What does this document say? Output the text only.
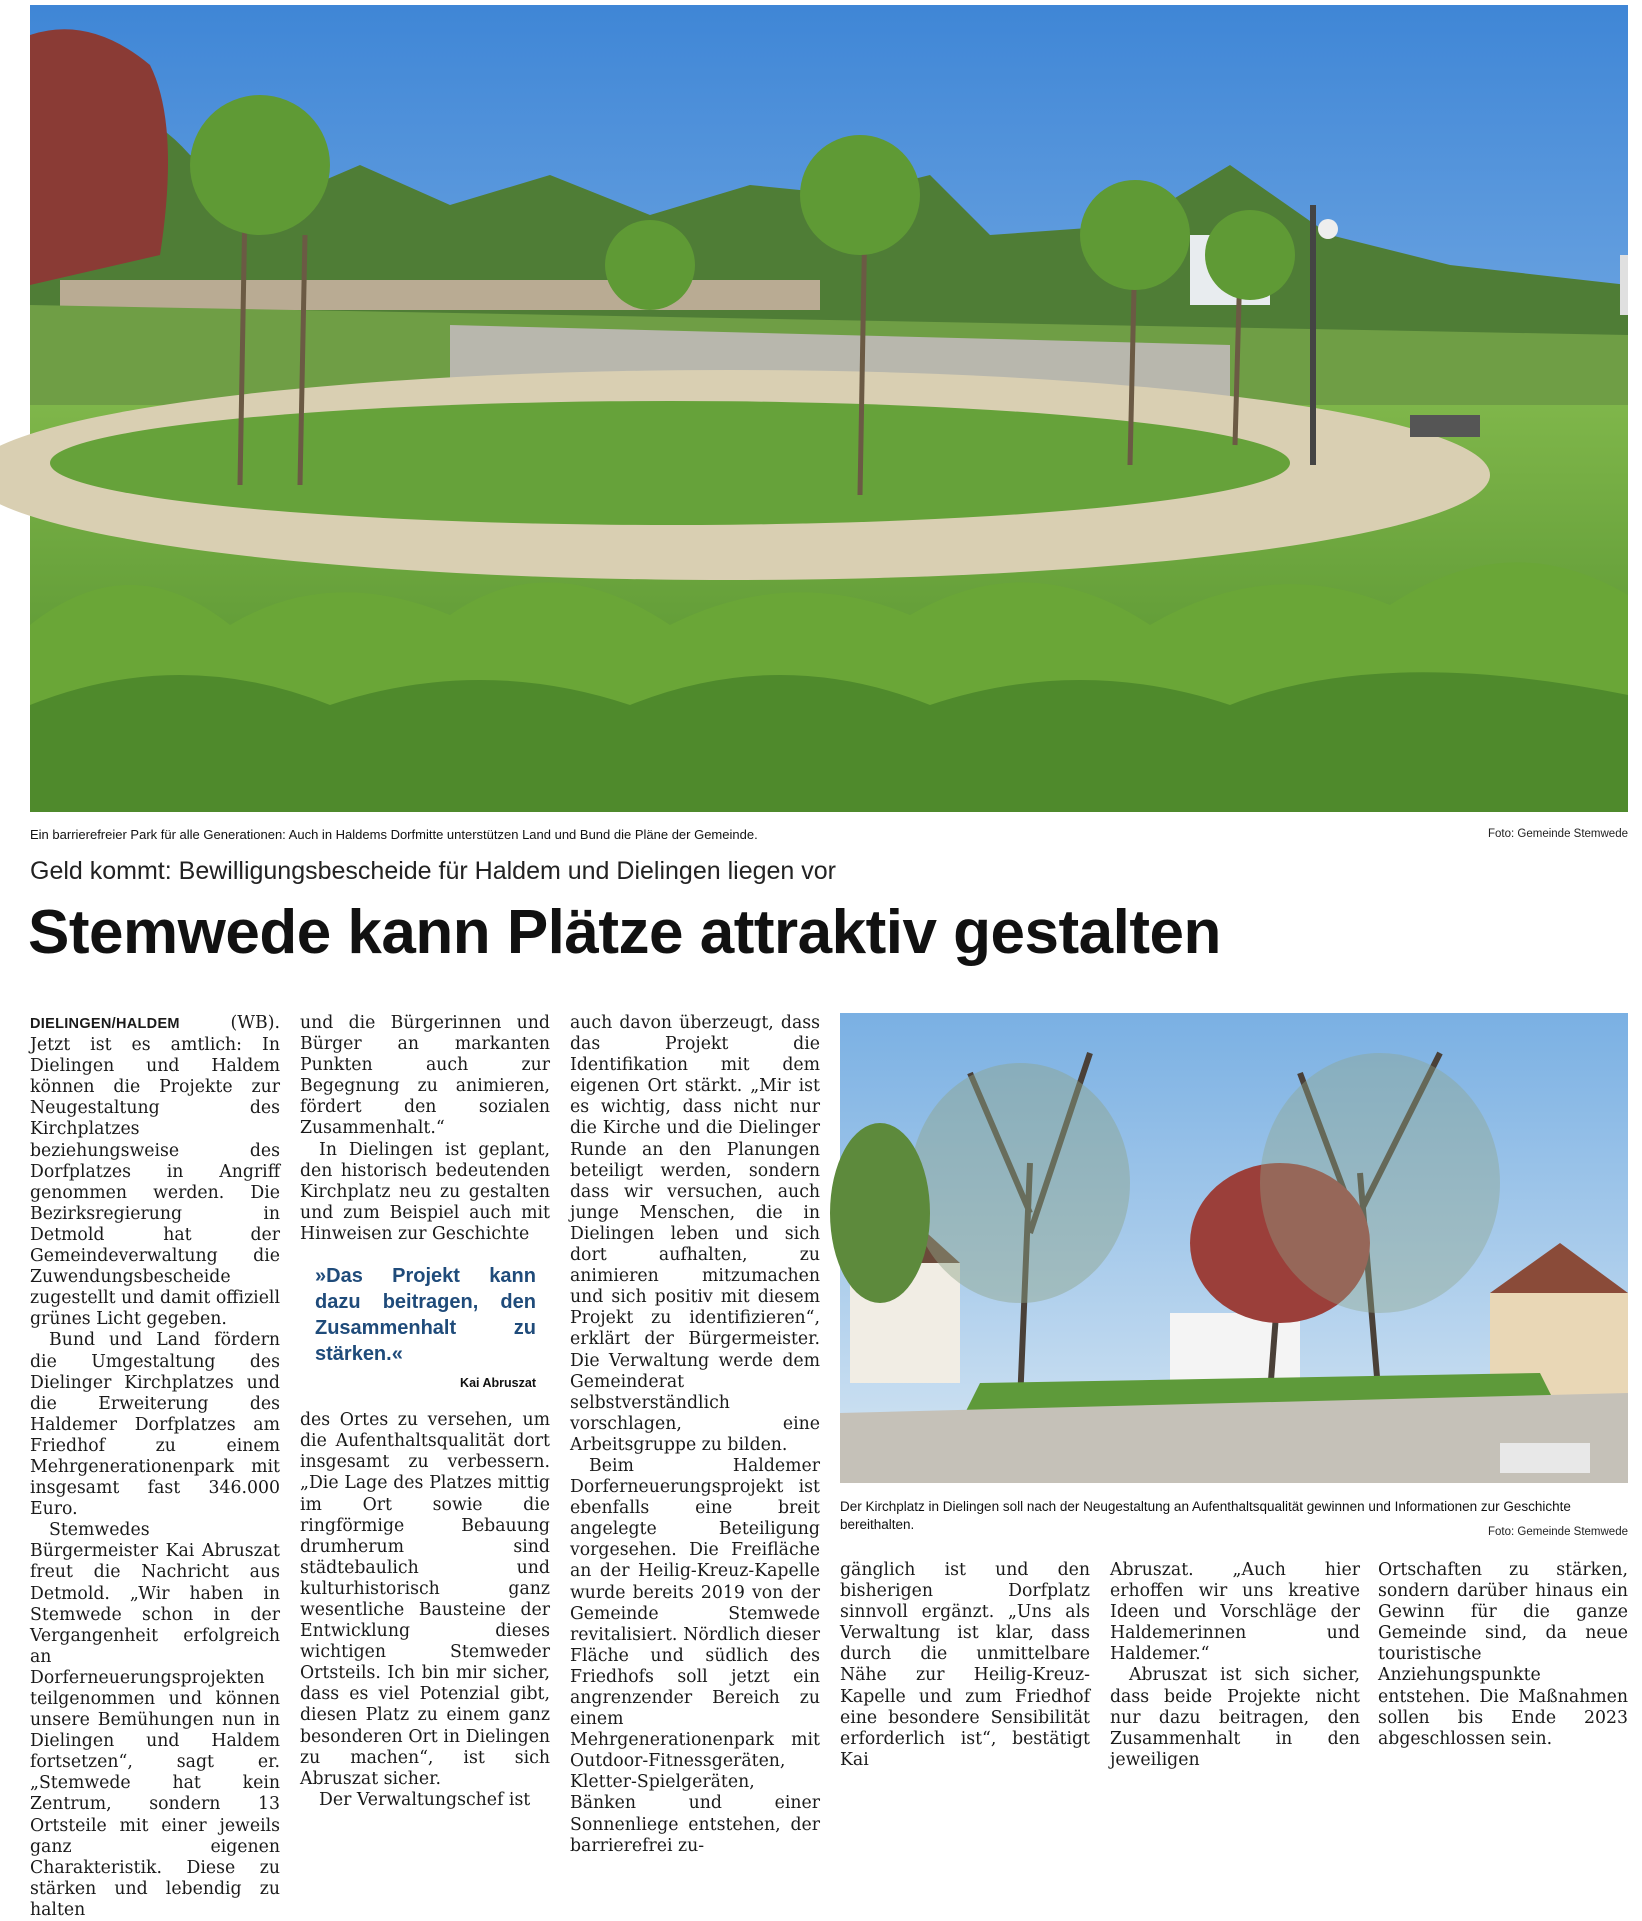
Ein barrierefreier Park für alle Generationen: Auch in Haldems Dorfmitte unterstützen Land und Bund die Pläne der Gemeinde.	Foto: Gemeinde Stemwede
Geld kommt: Bewilligungsbescheide für Haldem und Dielingen liegen vor
Stemwede kann Plätze attraktiv gestalten

DIELINGEN/HALDEM (WB). Jetzt ist es amtlich: In Dielingen und Haldem können die Projekte zur Neugestaltung des Kirchplatzes beziehungsweise des Dorfplatzes in Angriff genommen werden. Die Bezirksregierung in Detmold hat der Gemeindeverwaltung die Zuwendungsbescheide zugestellt und damit offiziell grünes Licht gegeben.

Bund und Land fördern die Umgestaltung des Dielinger Kirchplatzes und die Erweiterung des Haldemer Dorfplatzes am Friedhof zu einem Mehrgenerationenpark mit insgesamt fast 346.000 Euro.

Stemwedes Bürgermeister Kai Abruszat freut die Nachricht aus Detmold. „Wir haben in Stemwede schon in der Vergangenheit erfolgreich an Dorferneuerungsprojekten teilgenommen und können unsere Bemühungen nun in Dielingen und Haldem fortsetzen“, sagt er. „Stemwede hat kein Zentrum, sondern 13 Ortsteile mit einer jeweils ganz eigenen Charakteristik. Diese zu stärken und lebendig zu halten

und die Bürgerinnen und Bürger an markanten Punkten auch zur Begegnung zu animieren, fördert den sozialen Zusammenhalt.“

In Dielingen ist geplant, den historisch bedeutenden Kirchplatz neu zu gestalten und zum Beispiel auch mit Hinweisen zur Geschichte

»Das Projekt kann dazu beitragen, den Zusammenhalt zu stärken.«
Kai Abruszat

des Ortes zu versehen, um die Aufenthaltsqualität dort insgesamt zu verbessern. „Die Lage des Platzes mittig im Ort sowie die ringförmige Bebauung drumherum sind städtebaulich und kulturhistorisch ganz wesentliche Bausteine der Entwicklung dieses wichtigen Stemweder Ortsteils. Ich bin mir sicher, dass es viel Potenzial gibt, diesen Platz zu einem ganz besonderen Ort in Dielingen zu machen“, ist sich Abruszat sicher.

Der Verwaltungschef ist

auch davon überzeugt, dass das Projekt die Identifikation mit dem eigenen Ort stärkt. „Mir ist es wichtig, dass nicht nur die Kirche und die Dielinger Runde an den Planungen beteiligt werden, sondern dass wir versuchen, auch junge Menschen, die in Dielingen leben und sich dort aufhalten, zu animieren mitzumachen und sich positiv mit diesem Projekt zu identifizieren“, erklärt der Bürgermeister. Die Verwaltung werde dem Gemeinderat selbstverständlich vorschlagen, eine Arbeitsgruppe zu bilden.

Beim Haldemer Dorferneuerungsprojekt ist ebenfalls eine breit angelegte Beteiligung vorgesehen. Die Freifläche an der Heilig-Kreuz-Kapelle wurde bereits 2019 von der Gemeinde Stemwede revitalisiert. Nördlich dieser Fläche und südlich des Friedhofs soll jetzt ein angrenzender Bereich zu einem Mehrgenerationenpark mit Outdoor-Fitnessgeräten, Kletter-Spielgeräten, Bänken und einer Sonnenliege entstehen, der barrierefrei zu-

Der Kirchplatz in Dielingen soll nach der Neugestaltung an Aufenthaltsqualität gewinnen und Informationen zur Geschichte bereithalten.	Foto: Gemeinde Stemwede

gänglich ist und den bisherigen Dorfplatz sinnvoll ergänzt. „Uns als Verwaltung ist klar, dass durch die unmittelbare Nähe zur Heilig-Kreuz-Kapelle und zum Friedhof eine besondere Sensibilität erforderlich ist“, bestätigt Kai

Abruszat. „Auch hier erhoffen wir uns kreative Ideen und Vorschläge der Haldemerinnen und Haldemer.“

Abruszat ist sich sicher, dass beide Projekte nicht nur dazu beitragen, den Zusammenhalt in den jeweiligen

Ortschaften zu stärken, sondern darüber hinaus ein Gewinn für die ganze Gemeinde sind, da neue touristische Anziehungspunkte entstehen. Die Maßnahmen sollen bis Ende 2023 abgeschlossen sein.
